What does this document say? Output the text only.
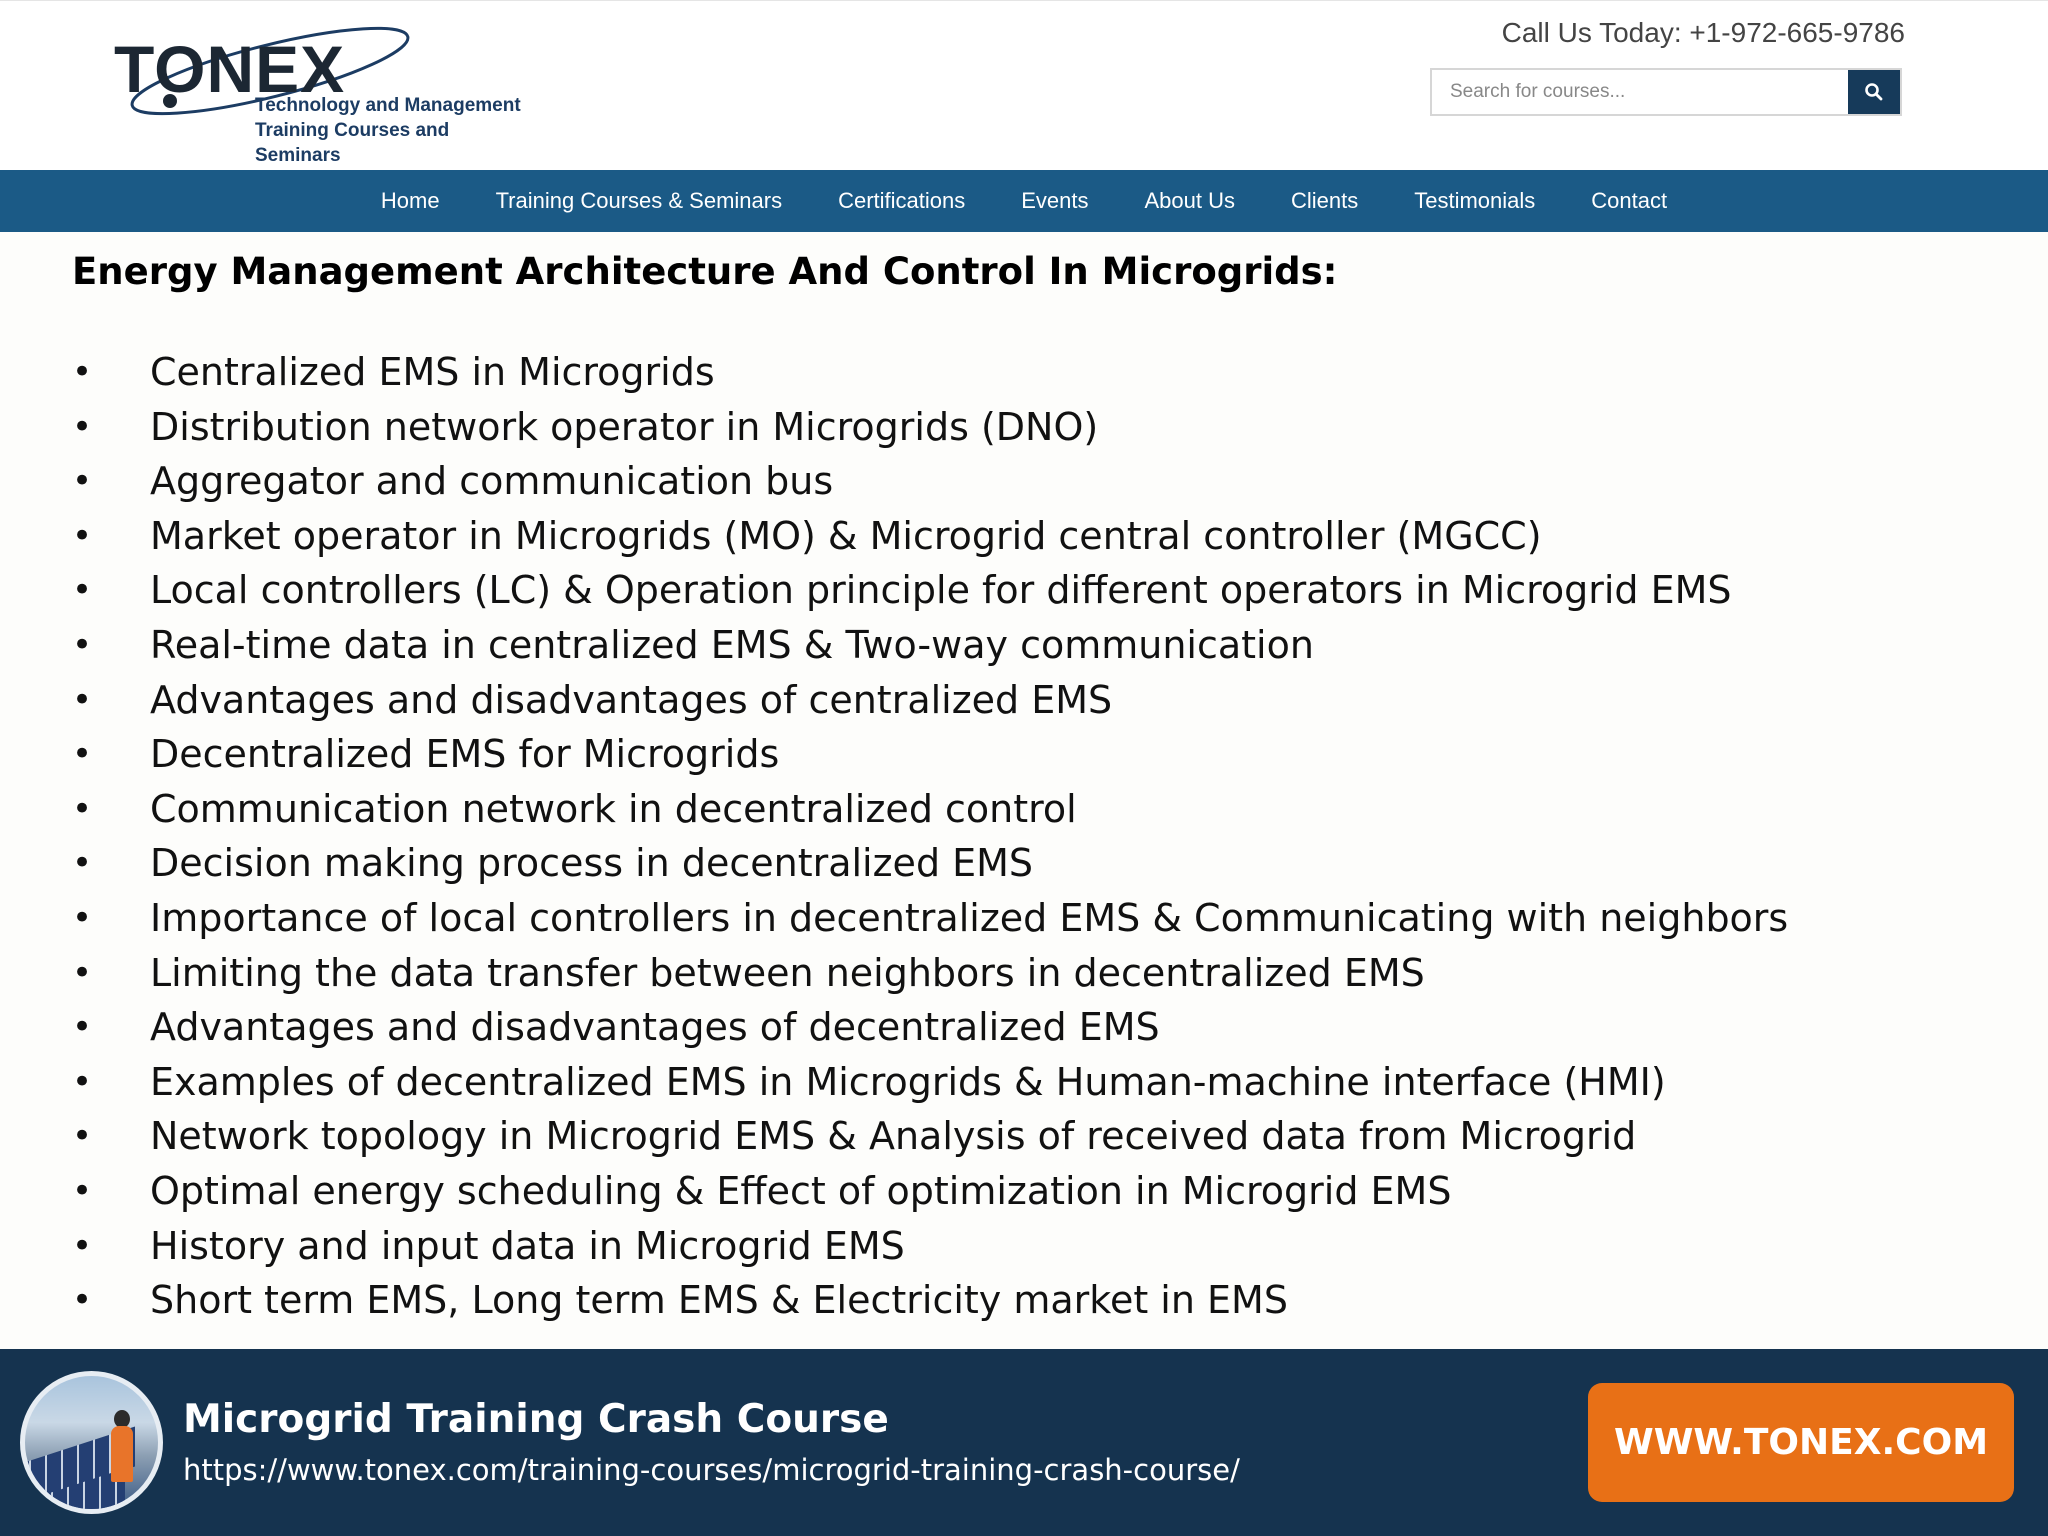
TONEX
Technology and Management
Training Courses and Seminars
Call Us Today: +1-972-665-9786
Search for courses...
Home	Training Courses & Seminars	Certifications	Events	About Us	Clients	Testimonials	Contact
Energy Management Architecture And Control In Microgrids:
• Centralized EMS in Microgrids
• Distribution network operator in Microgrids (DNO)
• Aggregator and communication bus
• Market operator in Microgrids (MO) & Microgrid central controller (MGCC)
• Local controllers (LC) & Operation principle for different operators in Microgrid EMS
• Real-time data in centralized EMS & Two-way communication
• Advantages and disadvantages of centralized EMS
• Decentralized EMS for Microgrids
• Communication network in decentralized control
• Decision making process in decentralized EMS
• Importance of local controllers in decentralized EMS & Communicating with neighbors
• Limiting the data transfer between neighbors in decentralized EMS
• Advantages and disadvantages of decentralized EMS
• Examples of decentralized EMS in Microgrids & Human-machine interface (HMI)
• Network topology in Microgrid EMS & Analysis of received data from Microgrid
• Optimal energy scheduling & Effect of optimization in Microgrid EMS
• History and input data in Microgrid EMS
• Short term EMS, Long term EMS & Electricity market in EMS
Microgrid Training Crash Course
https://www.tonex.com/training-courses/microgrid-training-crash-course/
WWW.TONEX.COM
